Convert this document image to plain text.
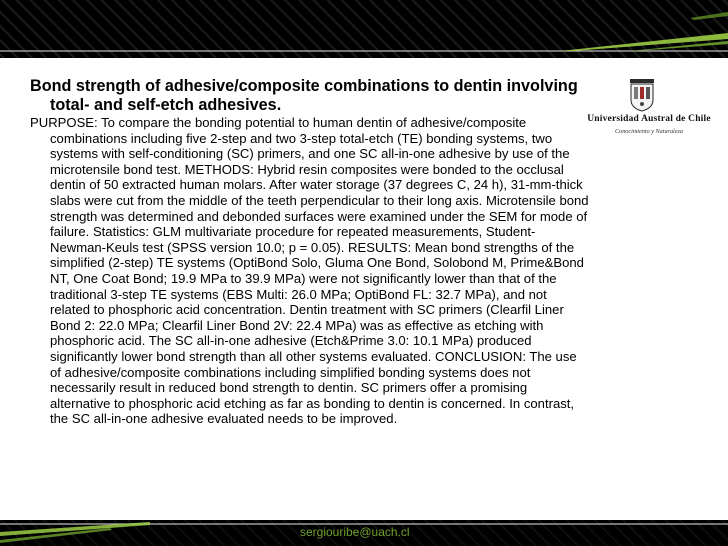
Bond strength of adhesive/composite combinations to dentin involving total- and self-etch adhesives.
PURPOSE: To compare the bonding potential to human dentin of adhesive/composite combinations including five 2-step and two 3-step total-etch (TE) bonding systems, two systems with self-conditioning (SC) primers, and one SC all-in-one adhesive by use of the microtensile bond test. METHODS: Hybrid resin composites were bonded to the occlusal dentin of 50 extracted human molars. After water storage (37 degrees C, 24 h), 31-mm-thick slabs were cut from the middle of the teeth perpendicular to their long axis. Microtensile bond strength was determined and debonded surfaces were examined under the SEM for mode of failure. Statistics: GLM multivariate procedure for repeated measurements, Student-Newman-Keuls test (SPSS version 10.0; p = 0.05). RESULTS: Mean bond strengths of the simplified (2-step) TE systems (OptiBond Solo, Gluma One Bond, Solobond M, Prime&Bond NT, One Coat Bond; 19.9 MPa to 39.9 MPa) were not significantly lower than that of the traditional 3-step TE systems (EBS Multi: 26.0 MPa; OptiBond FL: 32.7 MPa), and not related to phosphoric acid concentration. Dentin treatment with SC primers (Clearfil Liner Bond 2: 22.0 MPa; Clearfil Liner Bond 2V: 22.4 MPa) was as effective as etching with phosphoric acid. The SC all-in-one adhesive (Etch&Prime 3.0: 10.1 MPa) produced significantly lower bond strength than all other systems evaluated. CONCLUSION: The use of adhesive/composite combinations including simplified bonding systems does not necessarily result in reduced bond strength to dentin. SC primers offer a promising alternative to phosphoric acid etching as far as bonding to dentin is concerned. In contrast, the SC all-in-one adhesive evaluated needs to be improved.
Universidad Austral de Chile
Conocimiento y Naturaleza
sergiouribe@uach.cl
